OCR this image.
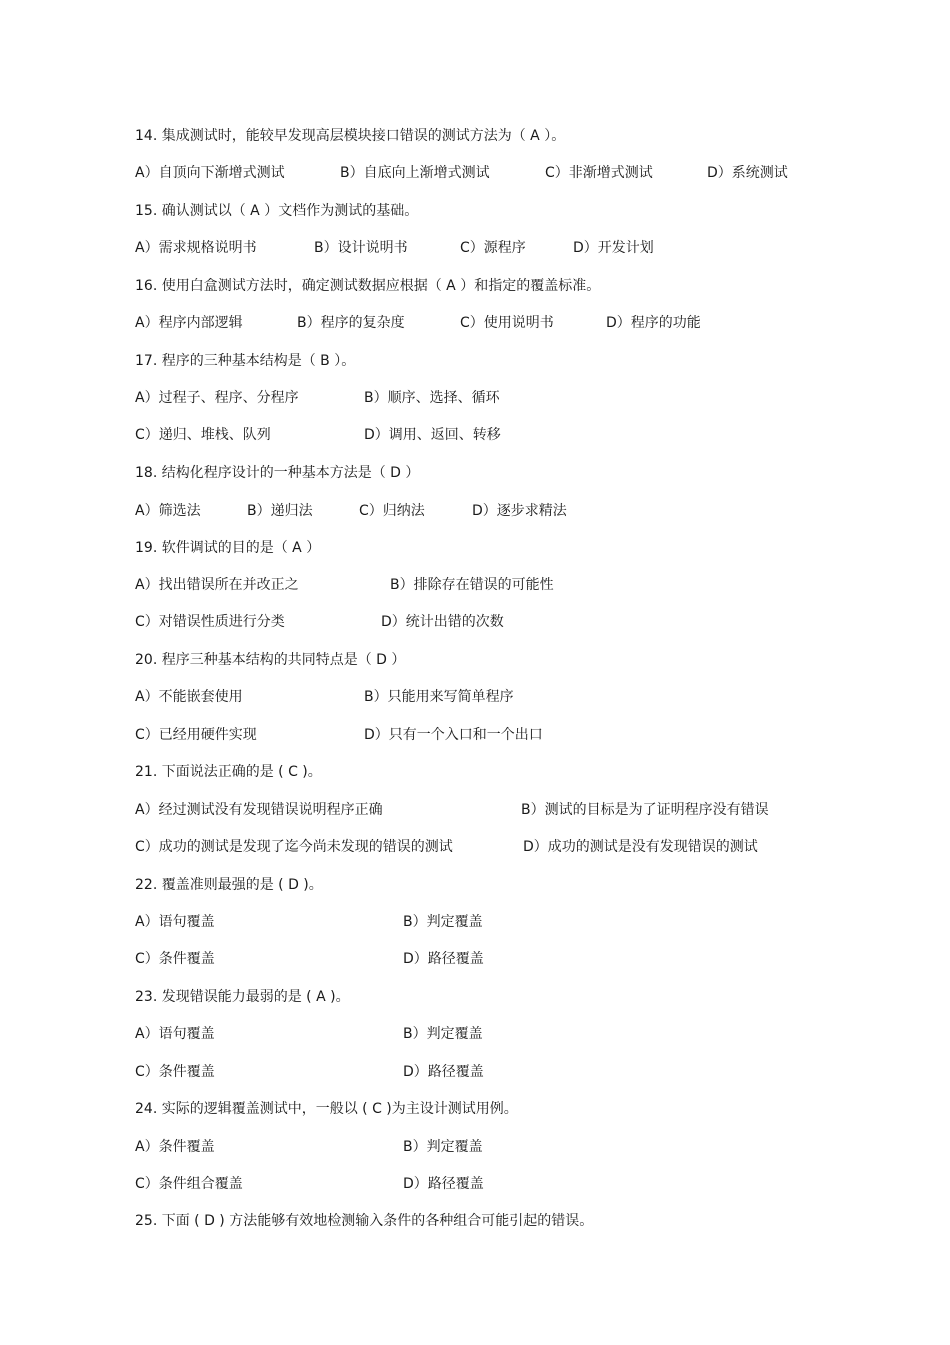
14. 集成测试时，能较早发现高层模块接口错误的测试方法为（ A ）。
A）自顶向下渐增式测试	B）自底向上渐增式测试	C）非渐增式测试	D）系统测试
15. 确认测试以（ A ）文档作为测试的基础。
A）需求规格说明书	B）设计说明书	C）源程序	D）开发计划
16. 使用白盒测试方法时，确定测试数据应根据（ A ）和指定的覆盖标准。
A）程序内部逻辑	B）程序的复杂度	C）使用说明书	D）程序的功能
17. 程序的三种基本结构是（ B ）。
A）过程子、程序、分程序	B）顺序、选择、循环
C）递归、堆栈、队列	D）调用、返回、转移
18. 结构化程序设计的一种基本方法是（ D ）
A）筛选法	B）递归法	C）归纳法	D）逐步求精法
19. 软件调试的目的是（ A ）
A）找出错误所在并改正之	B）排除存在错误的可能性
C）对错误性质进行分类	D）统计出错的次数
20. 程序三种基本结构的共同特点是（ D ）
A）不能嵌套使用	B）只能用来写简单程序
C）已经用硬件实现	D）只有一个入口和一个出口
21. 下面说法正确的是 ( C )。
A）经过测试没有发现错误说明程序正确	B）测试的目标是为了证明程序没有错误
C）成功的测试是发现了迄今尚未发现的错误的测试	D）成功的测试是没有发现错误的测试
22. 覆盖准则最强的是 ( D )。
A）语句覆盖	B）判定覆盖
C）条件覆盖	D）路径覆盖
23. 发现错误能力最弱的是 ( A )。
A）语句覆盖	B）判定覆盖
C）条件覆盖	D）路径覆盖
24. 实际的逻辑覆盖测试中，一般以 ( C )为主设计测试用例。
A）条件覆盖	B）判定覆盖
C）条件组合覆盖	D）路径覆盖
25. 下面 ( D ) 方法能够有效地检测输入条件的各种组合可能引起的错误。
